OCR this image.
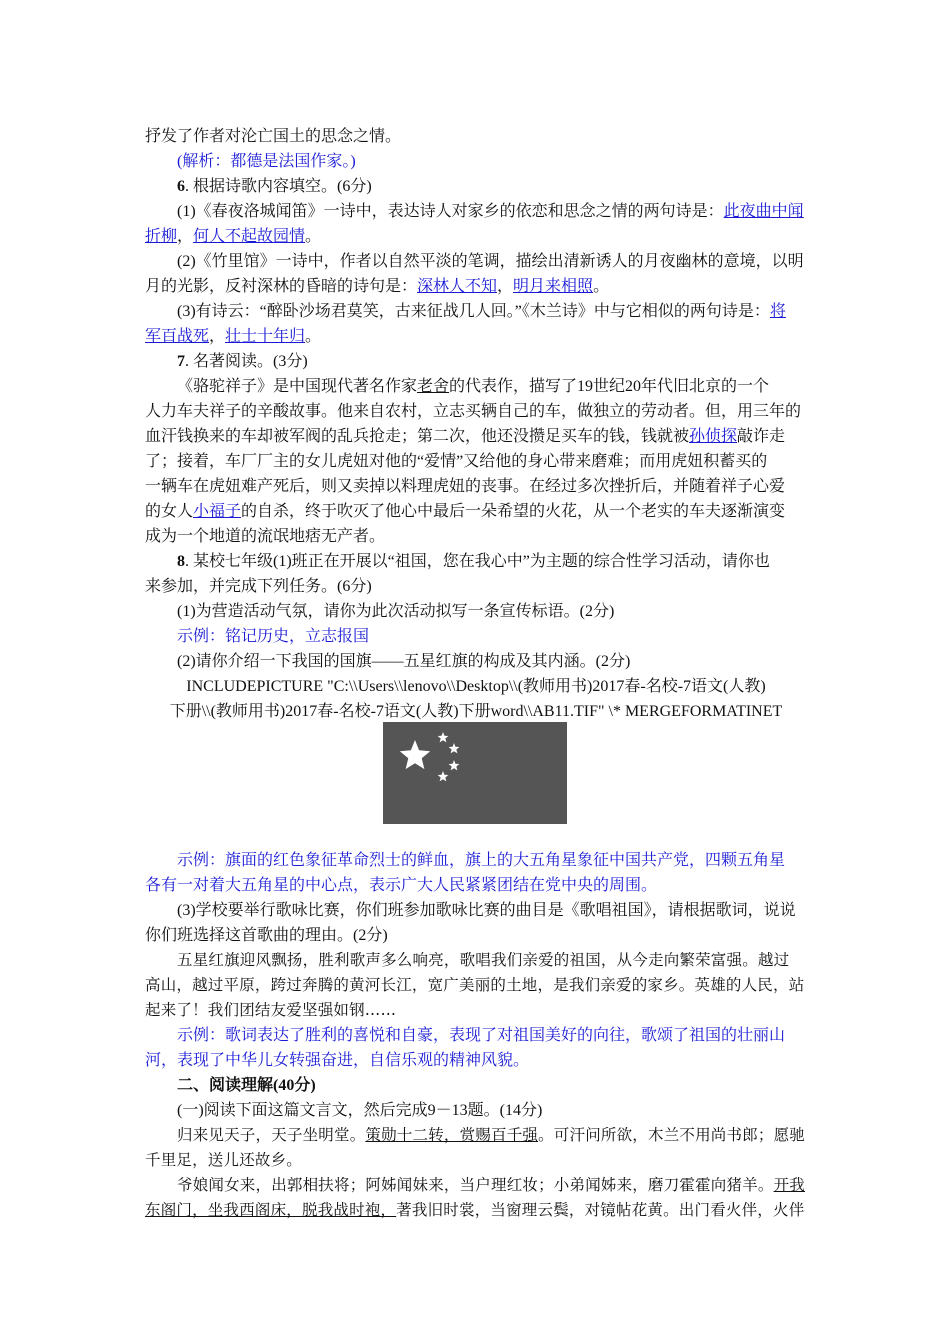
抒发了作者对沦亡国土的思念之情。
(解析：都德是法国作家。)
6. 根据诗歌内容填空。(6分)
(1)《春夜洛城闻笛》一诗中，表达诗人对家乡的依恋和思念之情的两句诗是：此夜曲中闻
折柳，何人不起故园情。
(2)《竹里馆》一诗中，作者以自然平淡的笔调，描绘出清新诱人的月夜幽林的意境，以明
月的光影，反衬深林的昏暗的诗句是：深林人不知，明月来相照。
(3)有诗云：“醉卧沙场君莫笑，古来征战几人回。”《木兰诗》中与它相似的两句诗是：将
军百战死，壮士十年归。
7. 名著阅读。(3分)
《骆驼祥子》是中国现代著名作家老舍的代表作，描写了19世纪20年代旧北京的一个
人力车夫祥子的辛酸故事。他来自农村，立志买辆自己的车，做独立的劳动者。但，用三年的
血汗钱换来的车却被军阀的乱兵抢走；第二次，他还没攒足买车的钱，钱就被孙侦探敲诈走
了；接着，车厂厂主的女儿虎妞对他的“爱情”又给他的身心带来磨难；而用虎妞积蓄买的
一辆车在虎妞难产死后，则又卖掉以料理虎妞的丧事。在经过多次挫折后，并随着祥子心爱
的女人小福子的自杀，终于吹灭了他心中最后一朵希望的火花，从一个老实的车夫逐渐演变
成为一个地道的流氓地痞无产者。
8. 某校七年级(1)班正在开展以“祖国，您在我心中”为主题的综合性学习活动，请你也
来参加，并完成下列任务。(6分)
(1)为营造活动气氛，请你为此次活动拟写一条宣传标语。(2分)
示例：铭记历史，立志报国
(2)请你介绍一下我国的国旗——五星红旗的构成及其内涵。(2分)
INCLUDEPICTURE "C:\\Users\\lenovo\\Desktop\\(教师用书)2017春-名校-7语文(人教)
下册\\(教师用书)2017春-名校-7语文(人教)下册word\\AB11.TIF" \* MERGEFORMATINET
示例：旗面的红色象征革命烈士的鲜血，旗上的大五角星象征中国共产党，四颗五角星
各有一对着大五角星的中心点，表示广大人民紧紧团结在党中央的周围。
(3)学校要举行歌咏比赛，你们班参加歌咏比赛的曲目是《歌唱祖国》，请根据歌词，说说
你们班选择这首歌曲的理由。(2分)
五星红旗迎风飘扬，胜利歌声多么响亮，歌唱我们亲爱的祖国，从今走向繁荣富强。越过
高山，越过平原，跨过奔腾的黄河长江，宽广美丽的土地，是我们亲爱的家乡。英雄的人民，站
起来了！我们团结友爱坚强如钢……
示例：歌词表达了胜利的喜悦和自豪，表现了对祖国美好的向往，歌颂了祖国的壮丽山
河，表现了中华儿女转强奋进，自信乐观的精神风貌。
二、阅读理解(40分)
(一)阅读下面这篇文言文，然后完成9－13题。(14分)
归来见天子，天子坐明堂。策勋十二转，赏赐百千强。可汗问所欲，木兰不用尚书郎；愿驰
千里足，送儿还故乡。
爷娘闻女来，出郭相扶将；阿姊闻妹来，当户理红妆；小弟闻姊来，磨刀霍霍向猪羊。开我
东阁门，坐我西阁床，脱我战时袍，著我旧时裳，当窗理云鬓，对镜帖花黄。出门看火伴，火伴
